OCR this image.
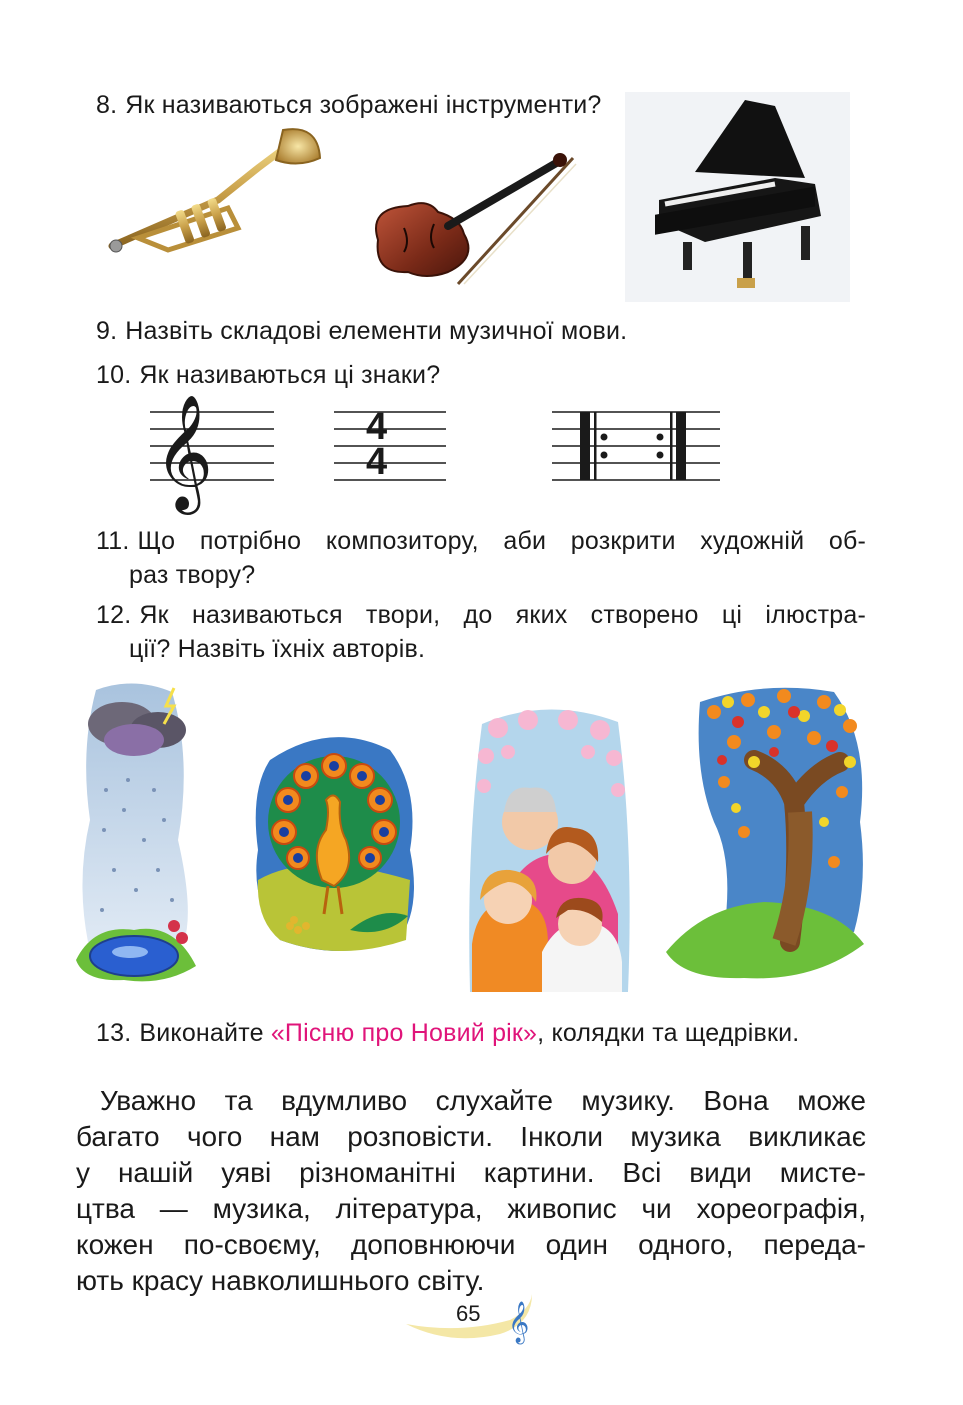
8. Як називаються зображені інструменти?
9. Назвіть складові елементи музичної мови.
10. Як називаються ці знаки?
𝄞	4
4
11. Що потрібно композитору, аби розкрити художній об-
раз твору?
12. Як називаються твори, до яких створено ці ілюстра-
ції? Назвіть їхніх авторів.
13. Виконайте «Пісню про Новий рік», колядки та щедрівки.
Уважно та вдумливо слухайте музику. Вона може
багато чого нам розповісти. Інколи музика викликає
у нашій уяві різноманітні картини. Всі види мисте-
цтва — музика, література, живопис чи хореографія,
кожен по-своєму, доповнюючи один одного, переда-
ють красу навколишнього світу.
65 𝄞
